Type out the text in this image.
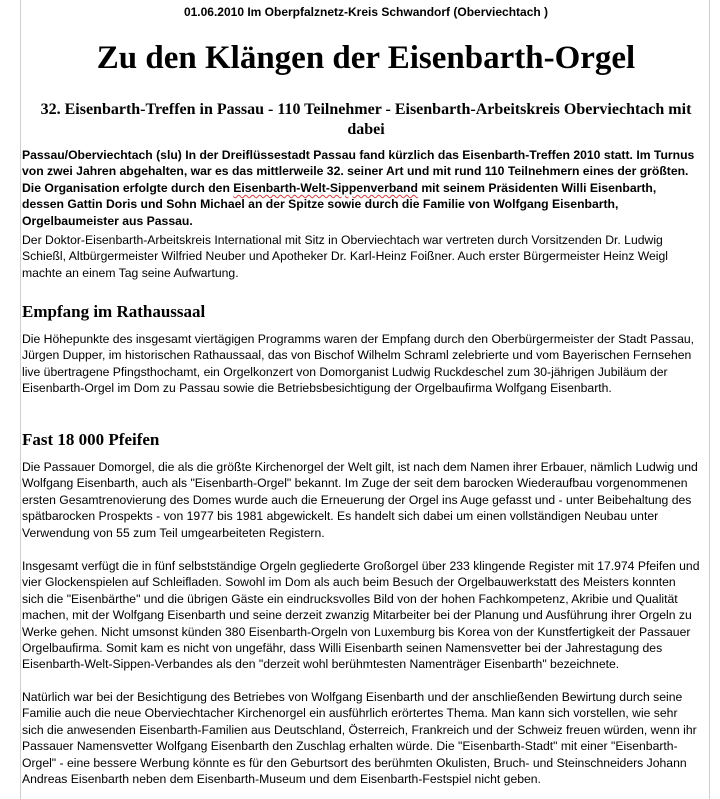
01.06.2010 Im Oberpfalznetz-Kreis Schwandorf (Oberviechtach )
Zu den Klängen der Eisenbarth-Orgel
32. Eisenbarth-Treffen in Passau - 110 Teilnehmer - Eisenbarth-Arbeitskreis Oberviechtach mit dabei

Passau/Oberviechtach (slu) In der Dreiflüssestadt Passau fand kürzlich das Eisenbarth-Treffen 2010 statt. Im Turnus von zwei Jahren abgehalten, war es das mittlerweile 32. seiner Art und mit rund 110 Teilnehmern eines der größten. Die Organisation erfolgte durch den Eisenbarth-Welt-Sippenverband mit seinem Präsidenten Willi Eisenbarth, dessen Gattin Doris und Sohn Michael an der Spitze sowie durch die Familie von Wolfgang Eisenbarth, Orgelbaumeister aus Passau.

Der Doktor-Eisenbarth-Arbeitskreis International mit Sitz in Oberviechtach war vertreten durch Vorsitzenden Dr. Ludwig Schießl, Altbürgermeister Wilfried Neuber und Apotheker Dr. Karl-Heinz Foißner. Auch erster Bürgermeister Heinz Weigl machte an einem Tag seine Aufwartung.

Empfang im Rathaussaal

Die Höhepunkte des insgesamt viertägigen Programms waren der Empfang durch den Oberbürgermeister der Stadt Passau, Jürgen Dupper, im historischen Rathaussaal, das von Bischof Wilhelm Schraml zelebrierte und vom Bayerischen Fernsehen live übertragene Pfingsthochamt, ein Orgelkonzert von Domorganist Ludwig Ruckdeschel zum 30-jährigen Jubiläum der Eisenbarth-Orgel im Dom zu Passau sowie die Betriebsbesichtigung der Orgelbaufirma Wolfgang Eisenbarth.

Fast 18 000 Pfeifen

Die Passauer Domorgel, die als die größte Kirchenorgel der Welt gilt, ist nach dem Namen ihrer Erbauer, nämlich Ludwig und Wolfgang Eisenbarth, auch als "Eisenbarth-Orgel" bekannt. Im Zuge der seit dem barocken Wiederaufbau vorgenommenen ersten Gesamtrenovierung des Domes wurde auch die Erneuerung der Orgel ins Auge gefasst und - unter Beibehaltung des spätbarocken Prospekts - von 1977 bis 1981 abgewickelt. Es handelt sich dabei um einen vollständigen Neubau unter Verwendung von 55 zum Teil umgearbeiteten Registern.

Insgesamt verfügt die in fünf selbstständige Orgeln gegliederte Großorgel über 233 klingende Register mit 17.974 Pfeifen und vier Glockenspielen auf Schleifladen. Sowohl im Dom als auch beim Besuch der Orgelbauwerkstatt des Meisters konnten sich die "Eisenbärthe" und die übrigen Gäste ein eindrucksvolles Bild von der hohen Fachkompetenz, Akribie und Qualität machen, mit der Wolfgang Eisenbarth und seine derzeit zwanzig Mitarbeiter bei der Planung und Ausführung ihrer Orgeln zu Werke gehen. Nicht umsonst künden 380 Eisenbarth-Orgeln von Luxemburg bis Korea von der Kunstfertigkeit der Passauer Orgelbaufirma. Somit kam es nicht von ungefähr, dass Willi Eisenbarth seinen Namensvetter bei der Jahrestagung des Eisenbarth-Welt-Sippen-Verbandes als den "derzeit wohl berühmtesten Namenträger Eisenbarth" bezeichnete.

Natürlich war bei der Besichtigung des Betriebes von Wolfgang Eisenbarth und der anschließenden Bewirtung durch seine Familie auch die neue Oberviechtacher Kirchenorgel ein ausführlich erörtertes Thema. Man kann sich vorstellen, wie sehr sich die anwesenden Eisenbarth-Familien aus Deutschland, Österreich, Frankreich und der Schweiz freuen würden, wenn ihr Passauer Namensvetter Wolfgang Eisenbarth den Zuschlag erhalten würde. Die "Eisenbarth-Stadt" mit einer "Eisenbarth-Orgel" - eine bessere Werbung könnte es für den Geburtsort des berühmten Okulisten, Bruch- und Steinschneiders Johann Andreas Eisenbarth neben dem Eisenbarth-Museum und dem Eisenbarth-Festspiel nicht geben.
